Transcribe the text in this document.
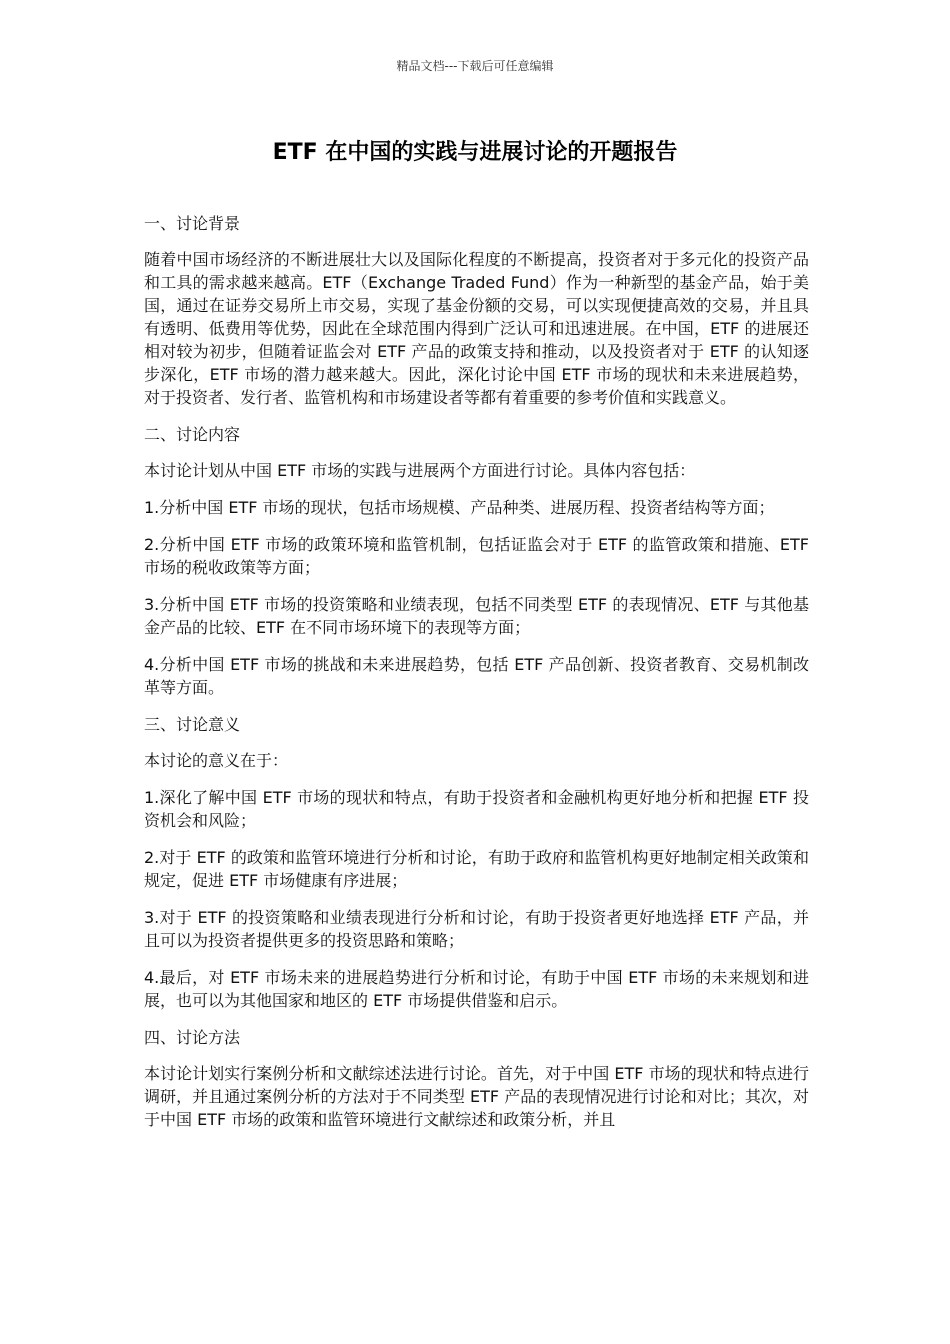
精品文档---下载后可任意编辑
ETF 在中国的实践与进展讨论的开题报告

一、讨论背景

随着中国市场经济的不断进展壮大以及国际化程度的不断提高，投资者对于多元化的投资产品和工具的需求越来越高。ETF（Exchange Traded Fund）作为一种新型的基金产品，始于美国，通过在证券交易所上市交易，实现了基金份额的交易，可以实现便捷高效的交易，并且具有透明、低费用等优势，因此在全球范围内得到广泛认可和迅速进展。在中国，ETF 的进展还相对较为初步，但随着证监会对 ETF 产品的政策支持和推动，以及投资者对于 ETF 的认知逐步深化，ETF 市场的潜力越来越大。因此，深化讨论中国 ETF 市场的现状和未来进展趋势，对于投资者、发行者、监管机构和市场建设者等都有着重要的参考价值和实践意义。

二、讨论内容

本讨论计划从中国 ETF 市场的实践与进展两个方面进行讨论。具体内容包括：

1.分析中国 ETF 市场的现状，包括市场规模、产品种类、进展历程、投资者结构等方面；

2.分析中国 ETF 市场的政策环境和监管机制，包括证监会对于 ETF 的监管政策和措施、ETF 市场的税收政策等方面；

3.分析中国 ETF 市场的投资策略和业绩表现，包括不同类型 ETF 的表现情况、ETF 与其他基金产品的比较、ETF 在不同市场环境下的表现等方面；

4.分析中国 ETF 市场的挑战和未来进展趋势，包括 ETF 产品创新、投资者教育、交易机制改革等方面。

三、讨论意义

本讨论的意义在于：

1.深化了解中国 ETF 市场的现状和特点，有助于投资者和金融机构更好地分析和把握 ETF 投资机会和风险；

2.对于 ETF 的政策和监管环境进行分析和讨论，有助于政府和监管机构更好地制定相关政策和规定，促进 ETF 市场健康有序进展；

3.对于 ETF 的投资策略和业绩表现进行分析和讨论，有助于投资者更好地选择 ETF 产品，并且可以为投资者提供更多的投资思路和策略；

4.最后，对 ETF 市场未来的进展趋势进行分析和讨论，有助于中国 ETF 市场的未来规划和进展，也可以为其他国家和地区的 ETF 市场提供借鉴和启示。

四、讨论方法

本讨论计划实行案例分析和文献综述法进行讨论。首先，对于中国 ETF 市场的现状和特点进行调研，并且通过案例分析的方法对于不同类型 ETF 产品的表现情况进行讨论和对比；其次，对于中国 ETF 市场的政策和监管环境进行文献综述和政策分析，并且
